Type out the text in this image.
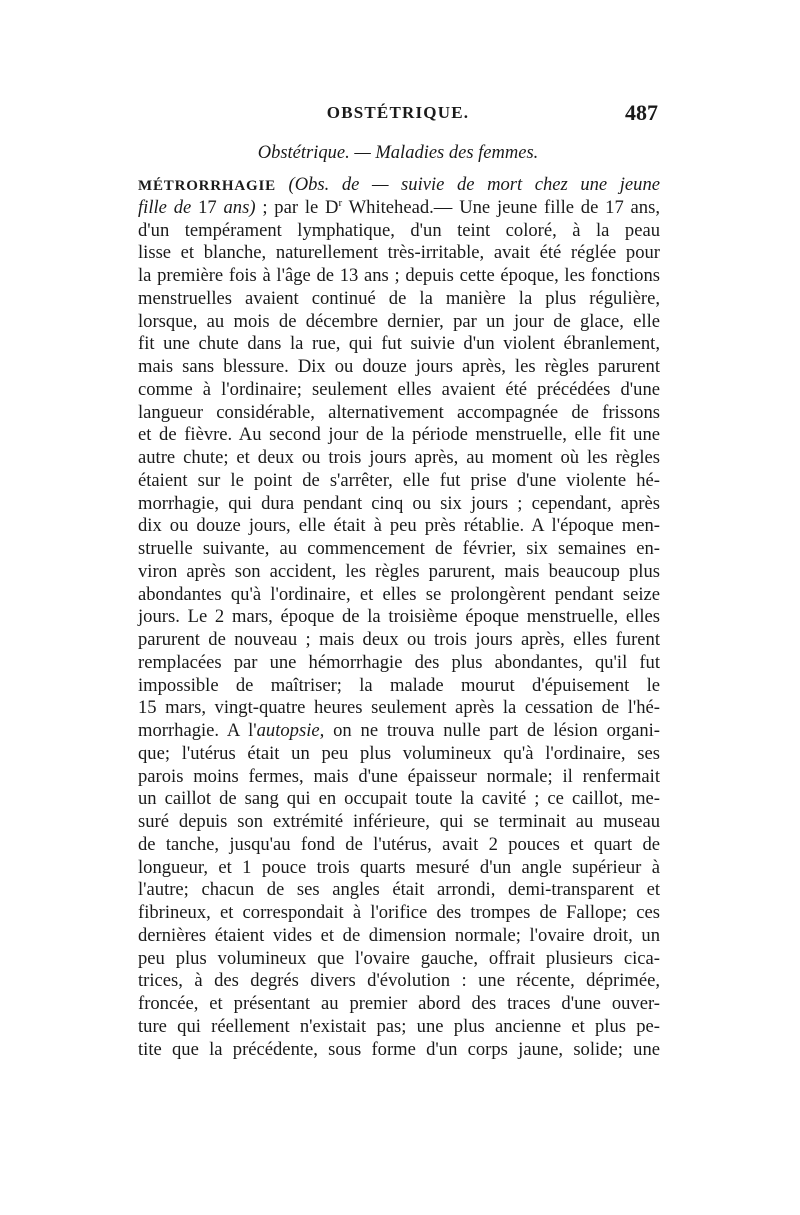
OBSTÉTRIQUE.	487
Obstétrique. — Maladies des femmes.
MÉTRORRHAGIE (Obs. de — suivie de mort chez une jeune
fille de 17 ans) ; par le $D^r$ Whitehead.— Une jeune fille de 17 ans,
d'un tempérament lymphatique, d'un teint coloré, à la peau
lisse et blanche, naturellement très-irritable, avait été réglée pour
la première fois à l'âge de 13 ans ; depuis cette époque, les fonctions
menstruelles avaient continué de la manière la plus régulière,
lorsque, au mois de décembre dernier, par un jour de glace, elle
fit une chute dans la rue, qui fut suivie d'un violent ébranlement,
mais sans blessure. Dix ou douze jours après, les règles parurent
comme à l'ordinaire; seulement elles avaient été précédées d'une
langueur considérable, alternativement accompagnée de frissons
et de fièvre. Au second jour de la période menstruelle, elle fit une
autre chute; et deux ou trois jours après, au moment où les règles
étaient sur le point de s'arrêter, elle fut prise d'une violente hé-
morrhagie, qui dura pendant cinq ou six jours ; cependant, après
dix ou douze jours, elle était à peu près rétablie. A l'époque men-
struelle suivante, au commencement de février, six semaines en-
viron après son accident, les règles parurent, mais beaucoup plus
abondantes qu'à l'ordinaire, et elles se prolongèrent pendant seize
jours. Le 2 mars, époque de la troisième époque menstruelle, elles
parurent de nouveau ; mais deux ou trois jours après, elles furent
remplacées par une hémorrhagie des plus abondantes, qu'il fut
impossible de maîtriser; la malade mourut d'épuisement le
15 mars, vingt-quatre heures seulement après la cessation de l'hé-
morrhagie. A l'autopsie, on ne trouva nulle part de lésion organi-
que; l'utérus était un peu plus volumineux qu'à l'ordinaire, ses
parois moins fermes, mais d'une épaisseur normale; il renfermait
un caillot de sang qui en occupait toute la cavité ; ce caillot, me-
suré depuis son extrémité inférieure, qui se terminait au museau
de tanche, jusqu'au fond de l'utérus, avait 2 pouces et quart de
longueur, et 1 pouce trois quarts mesuré d'un angle supérieur à
l'autre; chacun de ses angles était arrondi, demi-transparent et
fibrineux, et correspondait à l'orifice des trompes de Fallope; ces
dernières étaient vides et de dimension normale; l'ovaire droit, un
peu plus volumineux que l'ovaire gauche, offrait plusieurs cica-
trices, à des degrés divers d'évolution : une récente, déprimée,
froncée, et présentant au premier abord des traces d'une ouver-
ture qui réellement n'existait pas; une plus ancienne et plus pe-
tite que la précédente, sous forme d'un corps jaune, solide; une
